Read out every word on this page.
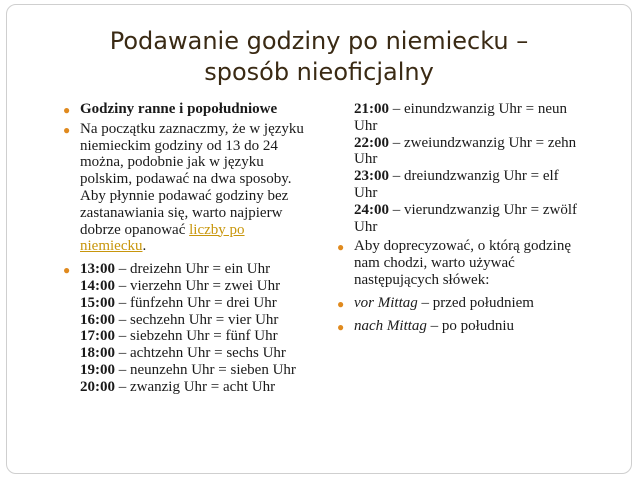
Podawanie godziny po niemiecku –
sposób nieoficjalny
● Godziny ranne i popołudniowe
● Na początku zaznaczmy, że w języku
niemieckim godziny od 13 do 24
można, podobnie jak w języku
polskim, podawać na dwa sposoby.
Aby płynnie podawać godziny bez
zastanawiania się, warto najpierw
dobrze opanować liczby po
niemiecku.
● 13:00 – dreizehn Uhr = ein Uhr
14:00 – vierzehn Uhr = zwei Uhr
15:00 – fünfzehn Uhr = drei Uhr
16:00 – sechzehn Uhr = vier Uhr
17:00 – siebzehn Uhr = fünf Uhr
18:00 – achtzehn Uhr = sechs Uhr
19:00 – neunzehn Uhr = sieben Uhr
20:00 – zwanzig Uhr = acht Uhr
21:00 – einundzwanzig Uhr = neun
Uhr
22:00 – zweiundzwanzig Uhr = zehn
Uhr
23:00 – dreiundzwanzig Uhr = elf
Uhr
24:00 – vierundzwanzig Uhr = zwölf
Uhr
● Aby doprecyzować, o którą godzinę
nam chodzi, warto używać
następujących słówek:
● vor Mittag – przed południem
● nach Mittag – po południu
